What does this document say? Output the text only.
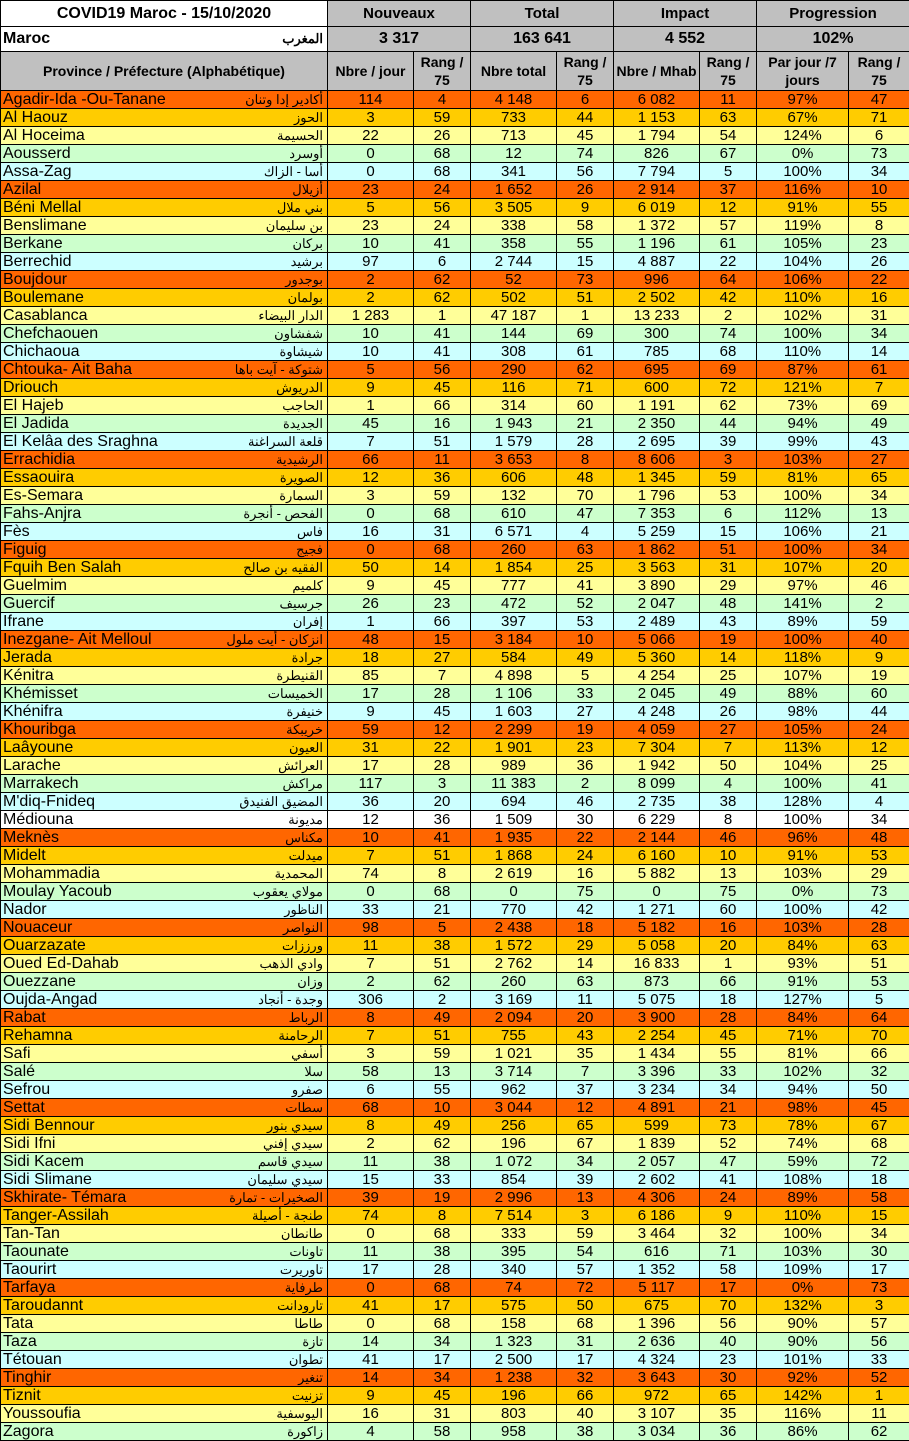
COVID19 Maroc - 15/10/2020	Nouveaux		Total		Impact		Progression	
Maroc المغرب	3 317		163 641		4 552		102%	
Province / Préfecture (Alphabétique)	Nbre / jour	Rang / 75	Nbre total	Rang / 75	Nbre / Mhab	Rang / 75	Par jour /7 jours	Rang / 75
Agadir-Ida -Ou-Tanane أكادير إدا وتنان	114	4	4 148	6	6 082	11	97%	47
Al Haouz الحوز	3	59	733	44	1 153	63	67%	71
Al Hoceima الحسيمة	22	26	713	45	1 794	54	124%	6
Aousserd أوسرد	0	68	12	74	826	67	0%	73
Assa-Zag أسا - الزاك	0	68	341	56	7 794	5	100%	34
Azilal أزيلال	23	24	1 652	26	2 914	37	116%	10
Béni Mellal بني ملال	5	56	3 505	9	6 019	12	91%	55
Benslimane بن سليمان	23	24	338	58	1 372	57	119%	8
Berkane بركان	10	41	358	55	1 196	61	105%	23
Berrechid برشيد	97	6	2 744	15	4 887	22	104%	26
Boujdour بوجدور	2	62	52	73	996	64	106%	22
Boulemane بولمان	2	62	502	51	2 502	42	110%	16
Casablanca الدار البيضاء	1 283	1	47 187	1	13 233	2	102%	31
Chefchaouen شفشاون	10	41	144	69	300	74	100%	34
Chichaoua شيشاوة	10	41	308	61	785	68	110%	14
Chtouka- Ait Baha شتوكة - آيت باها	5	56	290	62	695	69	87%	61
Driouch الدريوش	9	45	116	71	600	72	121%	7
El Hajeb الحاجب	1	66	314	60	1 191	62	73%	69
El Jadida الجديدة	45	16	1 943	21	2 350	44	94%	49
El Kelâa des Sraghna قلعة السراغنة	7	51	1 579	28	2 695	39	99%	43
Errachidia الرشيدية	66	11	3 653	8	8 606	3	103%	27
Essaouira الصويرة	12	36	606	48	1 345	59	81%	65
Es-Semara السمارة	3	59	132	70	1 796	53	100%	34
Fahs-Anjra الفحص - أنجرة	0	68	610	47	7 353	6	112%	13
Fès فاس	16	31	6 571	4	5 259	15	106%	21
Figuig فجيج	0	68	260	63	1 862	51	100%	34
Fquih Ben Salah الفقيه بن صالح	50	14	1 854	25	3 563	31	107%	20
Guelmim كلميم	9	45	777	41	3 890	29	97%	46
Guercif جرسيف	26	23	472	52	2 047	48	141%	2
Ifrane إفران	1	66	397	53	2 489	43	89%	59
Inezgane- Ait Melloul انزكان - أيت ملول	48	15	3 184	10	5 066	19	100%	40
Jerada جرادة	18	27	584	49	5 360	14	118%	9
Kénitra القنيطرة	85	7	4 898	5	4 254	25	107%	19
Khémisset الخميسات	17	28	1 106	33	2 045	49	88%	60
Khénifra خنيفرة	9	45	1 603	27	4 248	26	98%	44
Khouribga خريبكة	59	12	2 299	19	4 059	27	105%	24
Laâyoune العيون	31	22	1 901	23	7 304	7	113%	12
Larache العرائش	17	28	989	36	1 942	50	104%	25
Marrakech مراكش	117	3	11 383	2	8 099	4	100%	41
M'diq-Fnideq المضيق الفنيدق	36	20	694	46	2 735	38	128%	4
Médiouna مديونة	12	36	1 509	30	6 229	8	100%	34
Meknès مكناس	10	41	1 935	22	2 144	46	96%	48
Midelt ميدلت	7	51	1 868	24	6 160	10	91%	53
Mohammadia المحمدية	74	8	2 619	16	5 882	13	103%	29
Moulay Yacoub مولاي يعقوب	0	68	0	75	0	75	0%	73
Nador الناظور	33	21	770	42	1 271	60	100%	42
Nouaceur النواصر	98	5	2 438	18	5 182	16	103%	28
Ouarzazate ورززات	11	38	1 572	29	5 058	20	84%	63
Oued Ed-Dahab وادي الذهب	7	51	2 762	14	16 833	1	93%	51
Ouezzane وزان	2	62	260	63	873	66	91%	53
Oujda-Angad وجدة - أنجاد	306	2	3 169	11	5 075	18	127%	5
Rabat الرباط	8	49	2 094	20	3 900	28	84%	64
Rehamna الرحامنة	7	51	755	43	2 254	45	71%	70
Safi أسفي	3	59	1 021	35	1 434	55	81%	66
Salé سلا	58	13	3 714	7	3 396	33	102%	32
Sefrou صفرو	6	55	962	37	3 234	34	94%	50
Settat سطات	68	10	3 044	12	4 891	21	98%	45
Sidi Bennour سيدي بنور	8	49	256	65	599	73	78%	67
Sidi Ifni سيدي إفني	2	62	196	67	1 839	52	74%	68
Sidi Kacem سيدي قاسم	11	38	1 072	34	2 057	47	59%	72
Sidi Slimane سيدي سليمان	15	33	854	39	2 602	41	108%	18
Skhirate- Témara الصخيرات - تمارة	39	19	2 996	13	4 306	24	89%	58
Tanger-Assilah طنجة - أصيلة	74	8	7 514	3	6 186	9	110%	15
Tan-Tan طانطان	0	68	333	59	3 464	32	100%	34
Taounate تاونات	11	38	395	54	616	71	103%	30
Taourirt تاوريرت	17	28	340	57	1 352	58	109%	17
Tarfaya طرفاية	0	68	74	72	5 117	17	0%	73
Taroudannt تارودانت	41	17	575	50	675	70	132%	3
Tata طاطا	0	68	158	68	1 396	56	90%	57
Taza تازة	14	34	1 323	31	2 636	40	90%	56
Tétouan تطوان	41	17	2 500	17	4 324	23	101%	33
Tinghir تنغير	14	34	1 238	32	3 643	30	92%	52
Tiznit تزنيت	9	45	196	66	972	65	142%	1
Youssoufia اليوسفية	16	31	803	40	3 107	35	116%	11
Zagora زاكورة	4	58	958	38	3 034	36	86%	62
